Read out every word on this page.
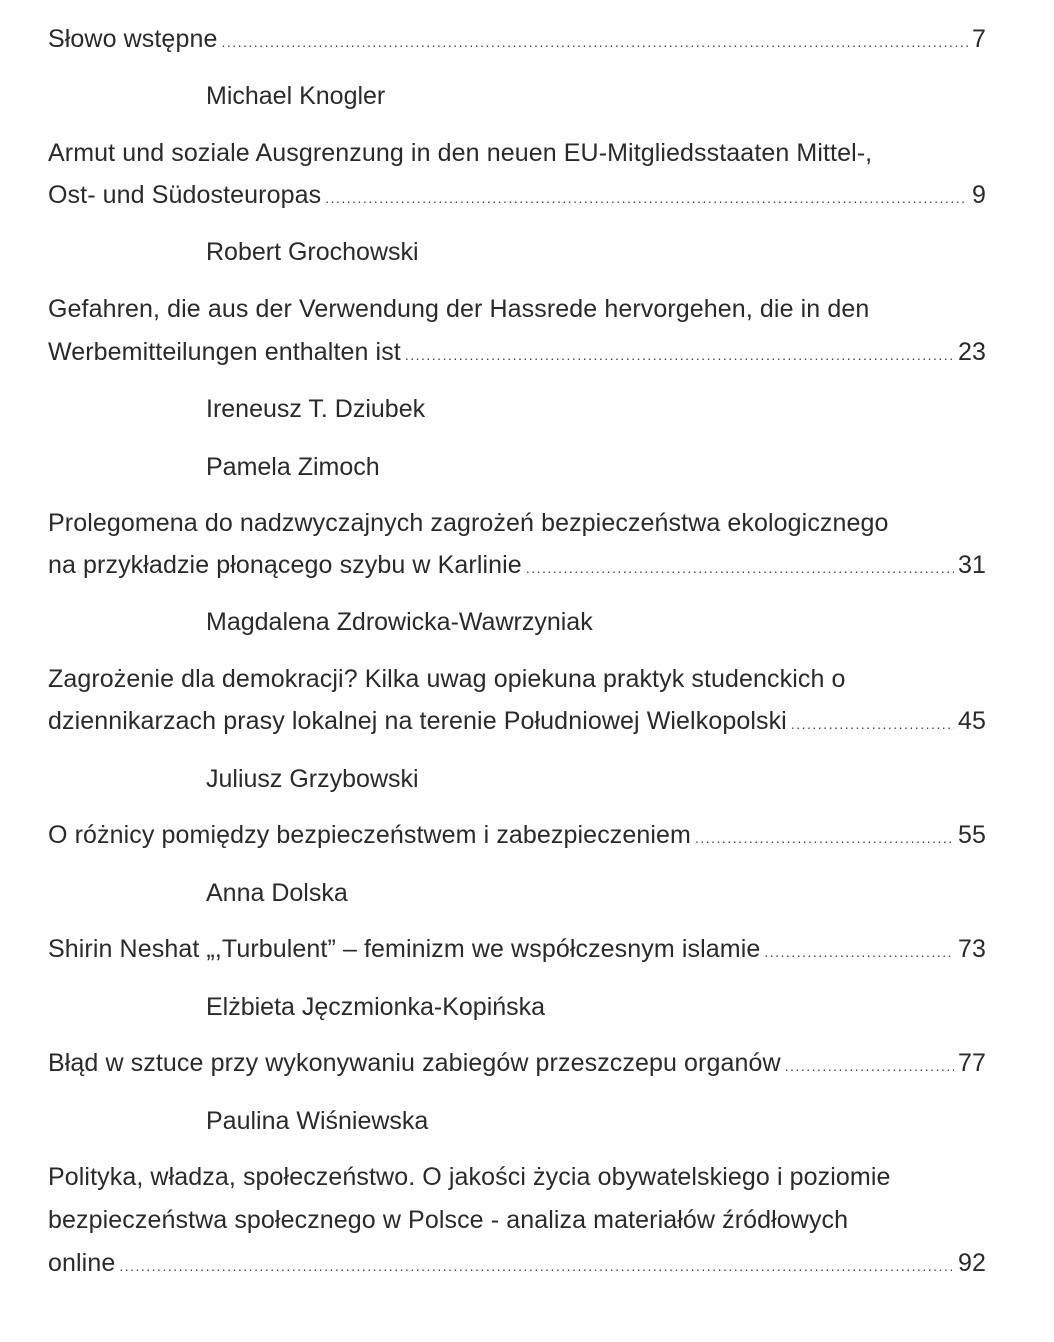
Słowo wstępne .....	7
Michael Knogler
Armut und soziale Ausgrenzung in den neuen EU-Mitgliedsstaaten Mittel-,
Ost- und Südosteuropas .....	9
Robert Grochowski
Gefahren, die aus der Verwendung der Hassrede hervorgehen, die in den
Werbemitteilungen enthalten ist .....	23
Ireneusz T. Dziubek
Pamela Zimoch
Prolegomena do nadzwyczajnych zagrożeń bezpieczeństwa ekologicznego
na przykładzie płonącego szybu w Karlinie .....	31
Magdalena Zdrowicka-Wawrzyniak
Zagrożenie dla demokracji? Kilka uwag opiekuna praktyk studenckich o
dziennikarzach prasy lokalnej na terenie Południowej Wielkopolski .....	45
Juliusz Grzybowski
O różnicy pomiędzy bezpieczeństwem i zabezpieczeniem .....	55
Anna Dolska
Shirin Neshat „,Turbulent” – feminizm we współczesnym islamie .....	73
Elżbieta Jęczmionka-Kopińska
Błąd w sztuce przy wykonywaniu zabiegów przeszczepu organów .....	77
Paulina Wiśniewska
Polityka, władza, społeczeństwo. O jakości życia obywatelskiego i poziomie
bezpieczeństwa społecznego w Polsce - analiza materiałów źródłowych
online .....	92
